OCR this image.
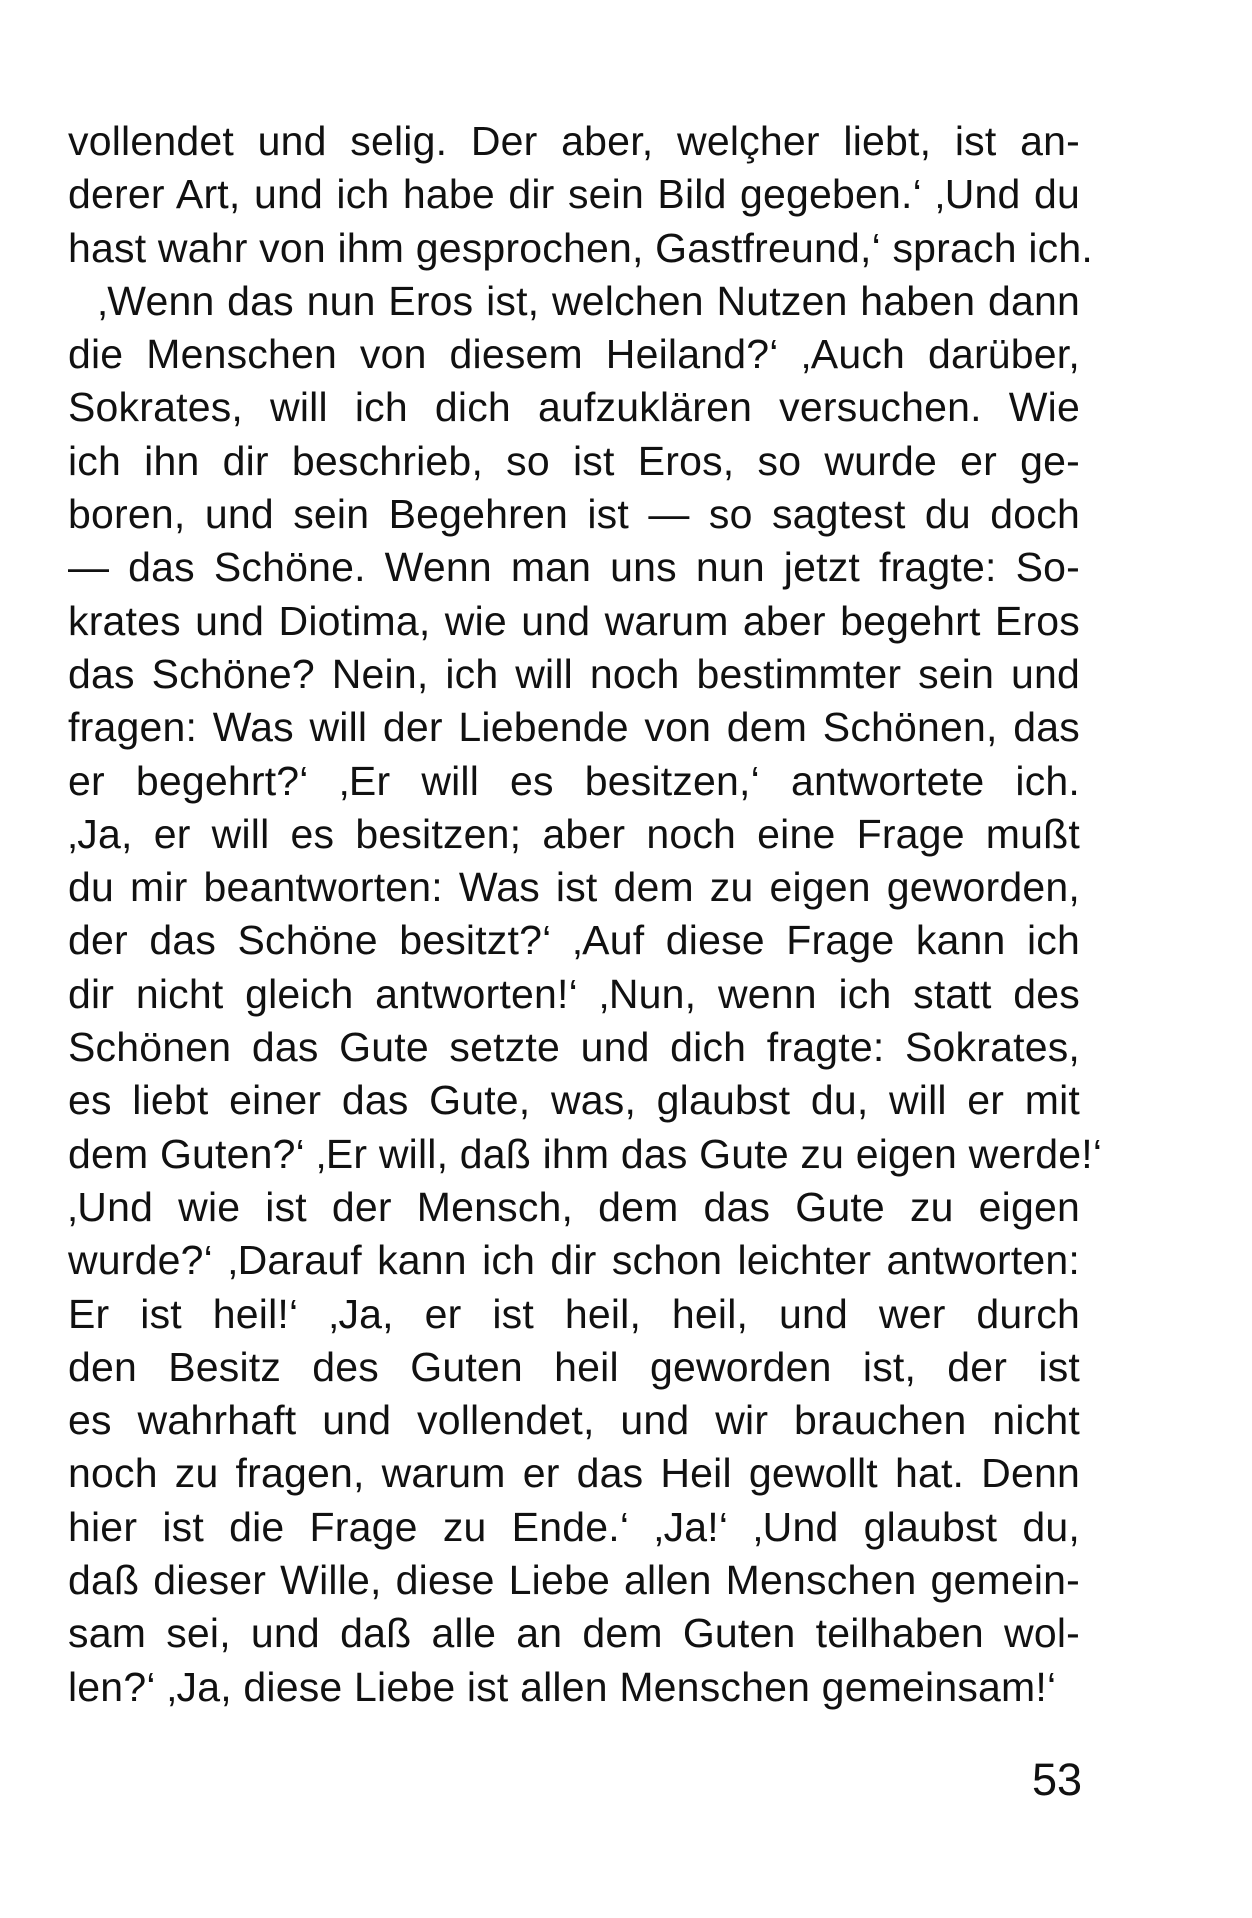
vollendet und selig. Der aber, welçher liebt, ist an-
derer Art, und ich habe dir sein Bild gegeben.‘ ‚Und du
hast wahr von ihm gesprochen, Gastfreund,‘ sprach ich.
‚Wenn das nun Eros ist, welchen Nutzen haben dann
die Menschen von diesem Heiland?‘ ‚Auch darüber,
Sokrates, will ich dich aufzuklären versuchen. Wie
ich ihn dir beschrieb, so ist Eros, so wurde er ge-
boren, und sein Begehren ist — so sagtest du doch
— das Schöne. Wenn man uns nun jetzt fragte: So-
krates und Diotima, wie und warum aber begehrt Eros
das Schöne? Nein, ich will noch bestimmter sein und
fragen: Was will der Liebende von dem Schönen, das
er begehrt?‘ ‚Er will es besitzen,‘ antwortete ich.
‚Ja, er will es besitzen; aber noch eine Frage mußt
du mir beantworten: Was ist dem zu eigen geworden,
der das Schöne besitzt?‘ ‚Auf diese Frage kann ich
dir nicht gleich antworten!‘ ‚Nun, wenn ich statt des
Schönen das Gute setzte und dich fragte: Sokrates,
es liebt einer das Gute, was, glaubst du, will er mit
dem Guten?‘ ‚Er will, daß ihm das Gute zu eigen werde!‘
‚Und wie ist der Mensch, dem das Gute zu eigen
wurde?‘ ‚Darauf kann ich dir schon leichter antworten:
Er ist heil!‘ ‚Ja, er ist heil, heil, und wer durch
den Besitz des Guten heil geworden ist, der ist
es wahrhaft und vollendet, und wir brauchen nicht
noch zu fragen, warum er das Heil gewollt hat. Denn
hier ist die Frage zu Ende.‘ ‚Ja!‘ ‚Und glaubst du,
daß dieser Wille, diese Liebe allen Menschen gemein-
sam sei, und daß alle an dem Guten teilhaben wol-
len?‘ ‚Ja, diese Liebe ist allen Menschen gemeinsam!‘
53
